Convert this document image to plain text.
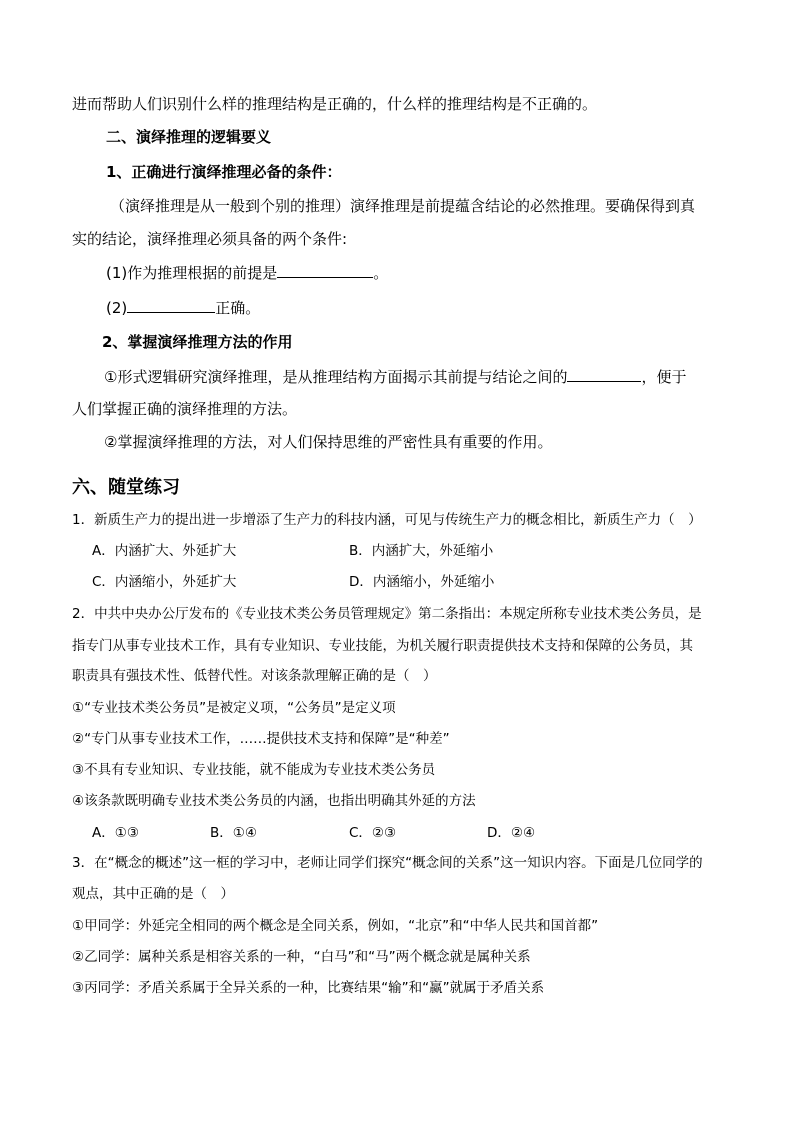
进而帮助人们识别什么样的推理结构是正确的，什么样的推理结构是不正确的。
二、演绎推理的逻辑要义
1、正确进行演绎推理必备的条件：
（演绎推理是从一般到个别的推理）演绎推理是前提蕴含结论的必然推理。要确保得到真
实的结论，演绎推理必须具备的两个条件:
(1)作为推理根据的前提是	。
(2)	正确。
2、掌握演绎推理方法的作用
①形式逻辑研究演绎推理，是从推理结构方面揭示其前提与结论之间的	，便于
人们掌握正确的演绎推理的方法。
②掌握演绎推理的方法，对人们保持思维的严密性具有重要的作用。
六、随堂练习
1．新质生产力的提出进一步增添了生产力的科技内涵，可见与传统生产力的概念相比，新质生产力（　）
A．内涵扩大、外延扩大	B．内涵扩大，外延缩小
C．内涵缩小，外延扩大	D．内涵缩小，外延缩小
2．中共中央办公厅发布的《专业技术类公务员管理规定》第二条指出：本规定所称专业技术类公务员，是
指专门从事专业技术工作，具有专业知识、专业技能，为机关履行职责提供技术支持和保障的公务员，其
职责具有强技术性、低替代性。对该条款理解正确的是（　）
①“专业技术类公务员”是被定义项，“公务员”是定义项
②“专门从事专业技术工作，……提供技术支持和保障”是“种差”
③不具有专业知识、专业技能，就不能成为专业技术类公务员
④该条款既明确专业技术类公务员的内涵，也指出明确其外延的方法
A．①③	B．①④	C．②③	D．②④
3．在“概念的概述”这一框的学习中，老师让同学们探究“概念间的关系”这一知识内容。下面是几位同学的
观点，其中正确的是（　）
①甲同学：外延完全相同的两个概念是全同关系，例如，“北京”和“中华人民共和国首都”
②乙同学：属种关系是相容关系的一种，“白马”和“马”两个概念就是属种关系
③丙同学：矛盾关系属于全异关系的一种，比赛结果“输”和“赢”就属于矛盾关系
